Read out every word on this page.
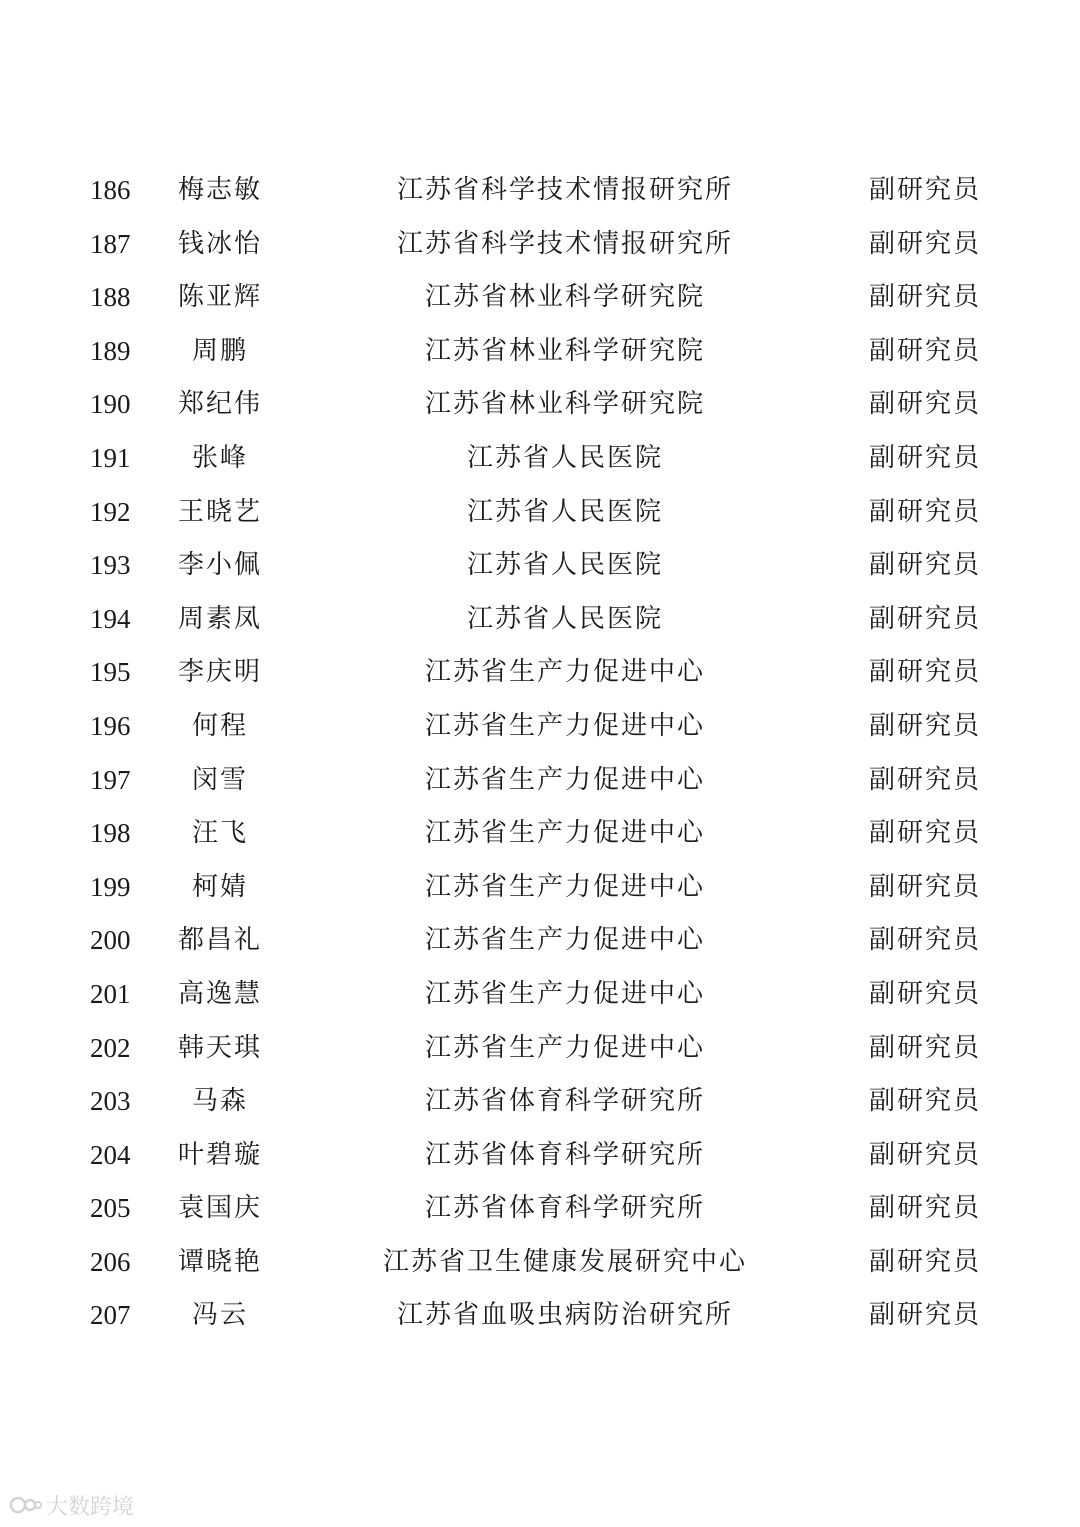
186	梅志敏	江苏省科学技术情报研究所	副研究员
187	钱冰怡	江苏省科学技术情报研究所	副研究员
188	陈亚辉	江苏省林业科学研究院	副研究员
189	周鹏	江苏省林业科学研究院	副研究员
190	郑纪伟	江苏省林业科学研究院	副研究员
191	张峰	江苏省人民医院	副研究员
192	王晓艺	江苏省人民医院	副研究员
193	李小佩	江苏省人民医院	副研究员
194	周素凤	江苏省人民医院	副研究员
195	李庆明	江苏省生产力促进中心	副研究员
196	何程	江苏省生产力促进中心	副研究员
197	闵雪	江苏省生产力促进中心	副研究员
198	汪飞	江苏省生产力促进中心	副研究员
199	柯婧	江苏省生产力促进中心	副研究员
200	都昌礼	江苏省生产力促进中心	副研究员
201	高逸慧	江苏省生产力促进中心	副研究员
202	韩天琪	江苏省生产力促进中心	副研究员
203	马森	江苏省体育科学研究所	副研究员
204	叶碧璇	江苏省体育科学研究所	副研究员
205	袁国庆	江苏省体育科学研究所	副研究员
206	谭晓艳	江苏省卫生健康发展研究中心	副研究员
207	冯云	江苏省血吸虫病防治研究所	副研究员
大数跨境
